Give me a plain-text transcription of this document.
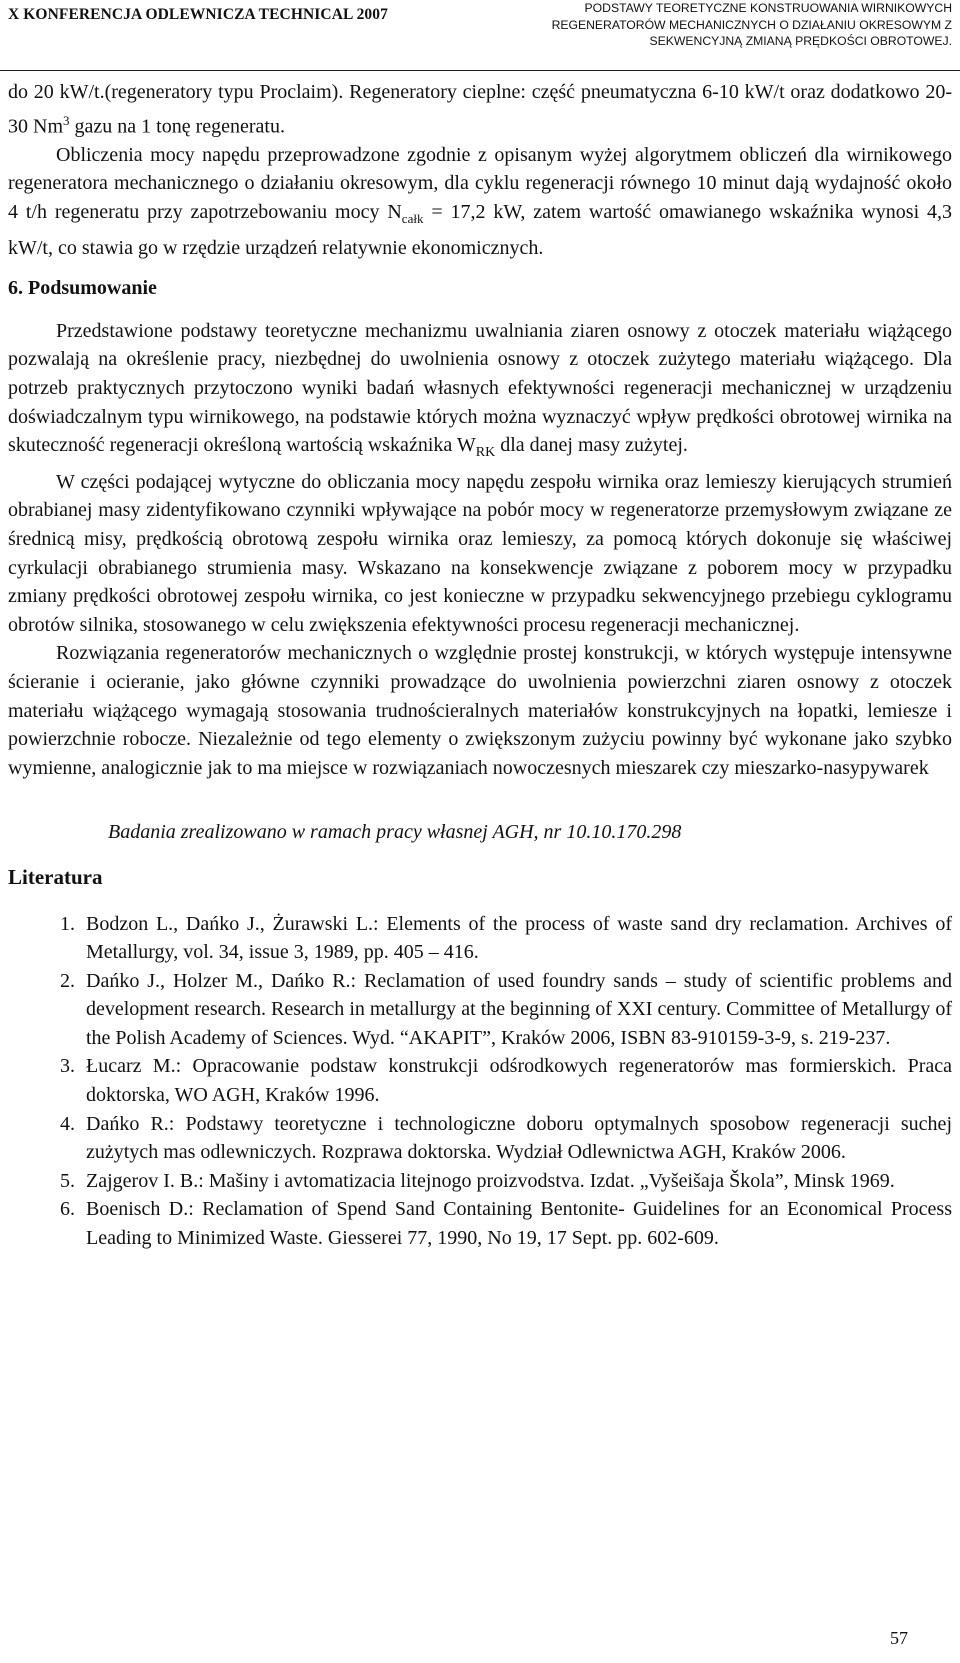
X KONFERENCJA ODLEWNICZA TECHNICAL 2007	PODSTAWY TEORETYCZNE KONSTRUOWANIA WIRNIKOWYCH REGENERATORÓW MECHANICZNYCH O DZIAŁANIU OKRESOWYM Z SEKWENCYJNĄ ZMIANĄ PRĘDKOŚCI OBROTOWEJ.

do 20 kW/t.(regeneratory typu Proclaim). Regeneratory cieplne: część pneumatyczna 6-10 kW/t oraz dodatkowo 20-30 Nm$^3$ gazu na 1 tonę regeneratu.

Obliczenia mocy napędu przeprowadzone zgodnie z opisanym wyżej algorytmem obliczeń dla wirnikowego regeneratora mechanicznego o działaniu okresowym, dla cyklu regeneracji równego 10 minut dają wydajność około 4 t/h regeneratu przy zapotrzebowaniu mocy $N_{całk} = 17,2$ kW, zatem wartość omawianego wskaźnika wynosi 4,3 kW/t, co stawia go w rzędzie urządzeń relatywnie ekonomicznych.

6. Podsumowanie

Przedstawione podstawy teoretyczne mechanizmu uwalniania ziaren osnowy z otoczek materiału wiążącego pozwalają na określenie pracy, niezbędnej do uwolnienia osnowy z otoczek zużytego materiału wiążącego. Dla potrzeb praktycznych przytoczono wyniki badań własnych efektywności regeneracji mechanicznej w urządzeniu doświadczalnym typu wirnikowego, na podstawie których można wyznaczyć wpływ prędkości obrotowej wirnika na skuteczność regeneracji określoną wartością wskaźnika $W_{RK}$ dla danej masy zużytej.

W części podającej wytyczne do obliczania mocy napędu zespołu wirnika oraz lemieszy kierujących strumień obrabianej masy zidentyfikowano czynniki wpływające na pobór mocy w regeneratorze przemysłowym związane ze średnicą misy, prędkością obrotową zespołu wirnika oraz lemieszy, za pomocą których dokonuje się właściwej cyrkulacji obrabianego strumienia masy. Wskazano na konsekwencje związane z poborem mocy w przypadku zmiany prędkości obrotowej zespołu wirnika, co jest konieczne w przypadku sekwencyjnego przebiegu cyklogramu obrotów silnika, stosowanego w celu zwiększenia efektywności procesu regeneracji mechanicznej.

Rozwiązania regeneratorów mechanicznych o względnie prostej konstrukcji, w których występuje intensywne ścieranie i ocieranie, jako główne czynniki prowadzące do uwolnienia powierzchni ziaren osnowy z otoczek materiału wiążącego wymagają stosowania trudnościeralnych materiałów konstrukcyjnych na łopatki, lemiesze i powierzchnie robocze. Niezależnie od tego elementy o zwiększonym zużyciu powinny być wykonane jako szybko wymienne, analogicznie jak to ma miejsce w rozwiązaniach nowoczesnych mieszarek czy mieszarko-nasypywarek

Badania zrealizowano w ramach pracy własnej AGH, nr 10.10.170.298

Literatura

1. Bodzon L., Dańko J., Żurawski L.: Elements of the process of waste sand dry reclamation. Archives of Metallurgy, vol. 34, issue 3, 1989, pp. 405 – 416.
2. Dańko J., Holzer M., Dańko R.: Reclamation of used foundry sands – study of scientific problems and development research. Research in metallurgy at the beginning of XXI century. Committee of Metallurgy of the Polish Academy of Sciences. Wyd. “AKAPIT”, Kraków 2006, ISBN 83-910159-3-9, s. 219-237.
3. Łucarz M.: Opracowanie podstaw konstrukcji odśrodkowych regeneratorów mas formierskich. Praca doktorska, WO AGH, Kraków 1996.
4. Dańko R.: Podstawy teoretyczne i technologiczne doboru optymalnych sposobow regeneracji suchej zużytych mas odlewniczych. Rozprawa doktorska. Wydział Odlewnictwa AGH, Kraków 2006.
5. Zajgerov I. B.: Mašiny i avtomatizacia litejnogo proizvodstva. Izdat. „Vyšeišaja Škola”, Minsk 1969.
6. Boenisch D.: Reclamation of Spend Sand Containing Bentonite- Guidelines for an Economical Process Leading to Minimized Waste. Giesserei 77, 1990, No 19, 17 Sept. pp. 602-609.
57
